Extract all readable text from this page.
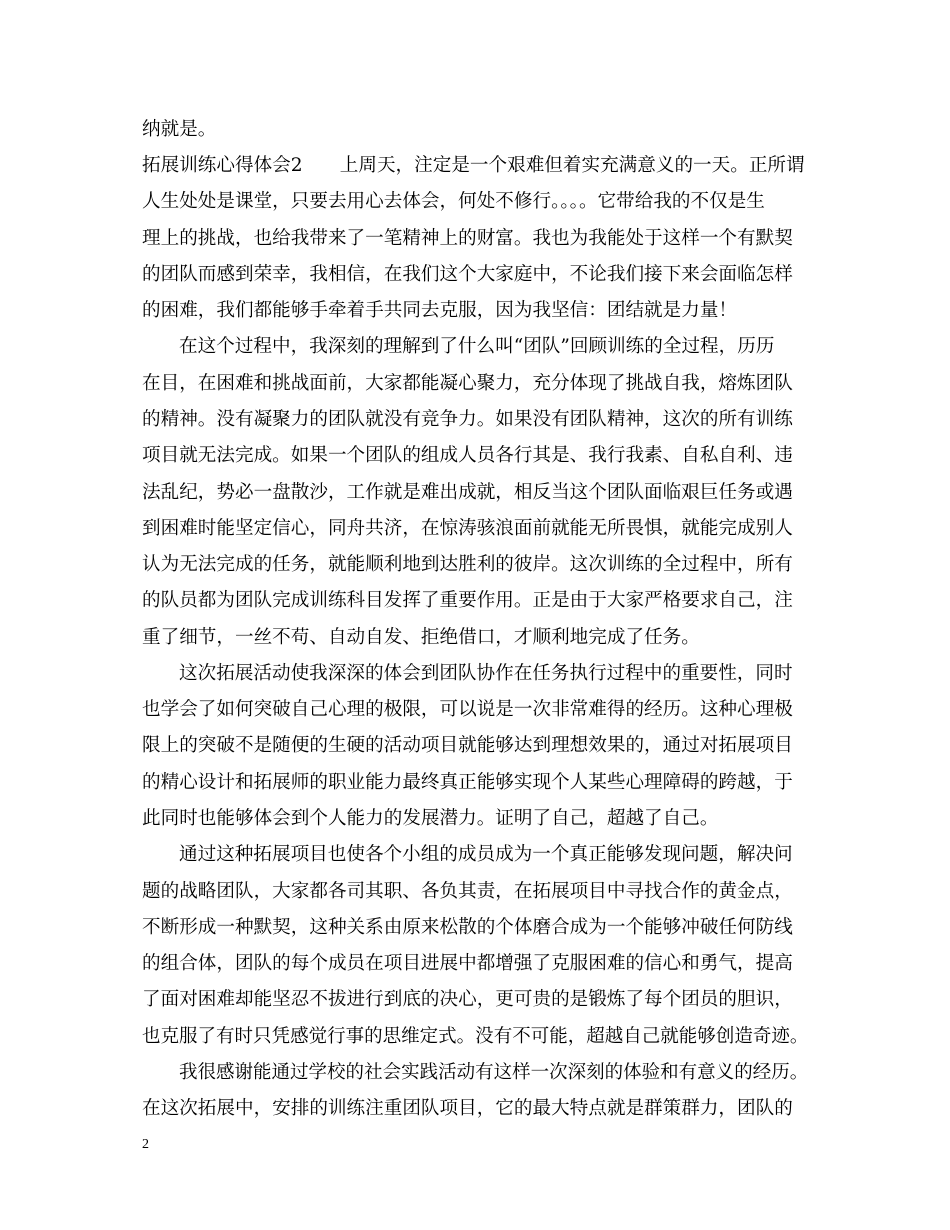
纳就是。
拓展训练心得体会2　　上周天，注定是一个艰难但着实充满意义的一天。正所谓
人生处处是课堂，只要去用心去体会，何处不修行。。。。它带给我的不仅是生
理上的挑战，也给我带来了一笔精神上的财富。我也为我能处于这样一个有默契
的团队而感到荣幸，我相信，在我们这个大家庭中，不论我们接下来会面临怎样
的困难，我们都能够手牵着手共同去克服，因为我坚信：团结就是力量！
在这个过程中，我深刻的理解到了什么叫“团队”回顾训练的全过程，历历
在目，在困难和挑战面前，大家都能凝心聚力，充分体现了挑战自我，熔炼团队
的精神。没有凝聚力的团队就没有竞争力。如果没有团队精神，这次的所有训练
项目就无法完成。如果一个团队的组成人员各行其是、我行我素、自私自利、违
法乱纪，势必一盘散沙，工作就是难出成就，相反当这个团队面临艰巨任务或遇
到困难时能坚定信心，同舟共济，在惊涛骇浪面前就能无所畏惧，就能完成别人
认为无法完成的任务，就能顺利地到达胜利的彼岸。这次训练的全过程中，所有
的队员都为团队完成训练科目发挥了重要作用。正是由于大家严格要求自己，注
重了细节，一丝不苟、自动自发、拒绝借口，才顺利地完成了任务。
这次拓展活动使我深深的体会到团队协作在任务执行过程中的重要性，同时
也学会了如何突破自己心理的极限，可以说是一次非常难得的经历。这种心理极
限上的突破不是随便的生硬的活动项目就能够达到理想效果的，通过对拓展项目
的精心设计和拓展师的职业能力最终真正能够实现个人某些心理障碍的跨越，于
此同时也能够体会到个人能力的发展潜力。证明了自己，超越了自己。
通过这种拓展项目也使各个小组的成员成为一个真正能够发现问题，解决问
题的战略团队，大家都各司其职、各负其责，在拓展项目中寻找合作的黄金点，
不断形成一种默契，这种关系由原来松散的个体磨合成为一个能够冲破任何防线
的组合体，团队的每个成员在项目进展中都增强了克服困难的信心和勇气，提高
了面对困难却能坚忍不拔进行到底的决心，更可贵的是锻炼了每个团员的胆识，
也克服了有时只凭感觉行事的思维定式。没有不可能，超越自己就能够创造奇迹。
我很感谢能通过学校的社会实践活动有这样一次深刻的体验和有意义的经历。
在这次拓展中，安排的训练注重团队项目，它的最大特点就是群策群力，团队的
2
